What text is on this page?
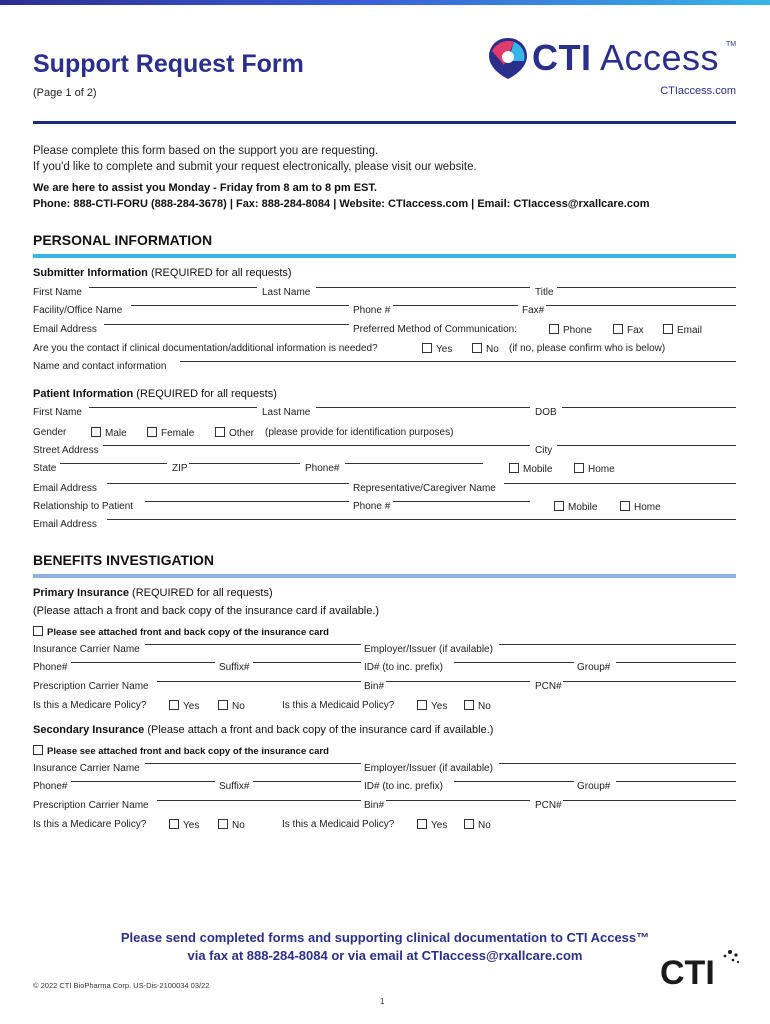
Support Request Form
(Page 1 of 2)
CTI Access TM
CTIaccess.com
Please complete this form based on the support you are requesting.
If you'd like to complete and submit your request electronically, please visit our website.
We are here to assist you Monday - Friday from 8 am to 8 pm EST.
Phone: 888-CTI-FORU (888-284-3678) | Fax: 888-284-8084 | Website: CTIaccess.com | Email: CTIaccess@rxallcare.com
PERSONAL INFORMATION
Submitter Information (REQUIRED for all requests)
First Name	Last Name	Title
Facility/Office Name	Phone #	Fax#
Email Address	Preferred Method of Communication:	Phone	Fax	Email
Are you the contact if clinical documentation/additional information is needed?	Yes	No (if no, please confirm who is below)
Name and contact information
Patient Information (REQUIRED for all requests)
First Name	Last Name	DOB
Gender	Male	Female	Other (please provide for identification purposes)
Street Address	City
State	ZIP	Phone#	Mobile	Home
Email Address	Representative/Caregiver Name
Relationship to Patient	Phone #	Mobile	Home
Email Address
BENEFITS INVESTIGATION
Primary Insurance (REQUIRED for all requests)
(Please attach a front and back copy of the insurance card if available.)
Please see attached front and back copy of the insurance card
Insurance Carrier Name	Employer/Issuer (if available)
Phone#	Suffix#	ID# (to inc. prefix)	Group#
Prescription Carrier Name	Bin#	PCN#
Is this a Medicare Policy?	Yes	No	Is this a Medicaid Policy?	Yes	No
Secondary Insurance (Please attach a front and back copy of the insurance card if available.)
Please see attached front and back copy of the insurance card
Insurance Carrier Name	Employer/Issuer (if available)
Phone#	Suffix#	ID# (to inc. prefix)	Group#
Prescription Carrier Name	Bin#	PCN#
Is this a Medicare Policy?	Yes	No	Is this a Medicaid Policy?	Yes	No
Please send completed forms and supporting clinical documentation to CTI Access™
via fax at 888-284-8084 or via email at CTIaccess@rxallcare.com
© 2022 CTI BioPharma Corp. US-Dis-2100034 03/22
1
CTI
